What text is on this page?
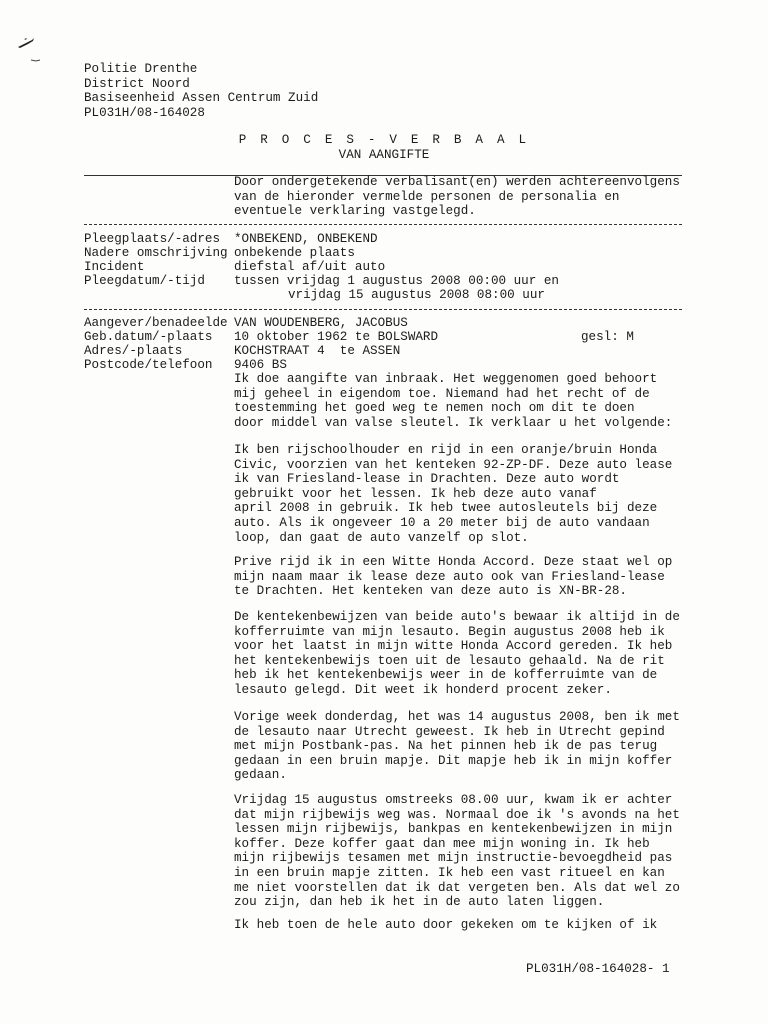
Politie Drenthe
District Noord
Basiseenheid Assen Centrum Zuid
PL031H/08-164028
P R O C E S - V E R B A A L
VAN AANGIFTE
Door ondergetekende verbalisant(en) werden achtereenvolgens
van de hieronder vermelde personen de personalia en
eventuele verklaring vastgelegd.
Pleegplaats/-adres *ONBEKEND, ONBEKEND
Nadere omschrijving onbekende plaats
Incident	diefstal af/uit auto
Pleegdatum/-tijd tussen vrijdag 1 augustus 2008 00:00 uur en
vrijdag 15 augustus 2008 08:00 uur
Aangever/benadeelde VAN WOUDENBERG, JACOBUS
Geb.datum/-plaats 10 oktober 1962 te BOLSWARD	gesl: M
Adres/-plaats	KOCHSTRAAT 4  te ASSEN
Postcode/telefoon 9406 BS
Ik doe aangifte van inbraak. Het weggenomen goed behoort
mij geheel in eigendom toe. Niemand had het recht of de
toestemming het goed weg te nemen noch om dit te doen
door middel van valse sleutel. Ik verklaar u het volgende:
Ik ben rijschoolhouder en rijd in een oranje/bruin Honda
Civic, voorzien van het kenteken 92-ZP-DF. Deze auto lease
ik van Friesland-lease in Drachten. Deze auto wordt
gebruikt voor het lessen. Ik heb deze auto vanaf
april 2008 in gebruik. Ik heb twee autosleutels bij deze
auto. Als ik ongeveer 10 a 20 meter bij de auto vandaan
loop, dan gaat de auto vanzelf op slot.
Prive rijd ik in een Witte Honda Accord. Deze staat wel op
mijn naam maar ik lease deze auto ook van Friesland-lease
te Drachten. Het kenteken van deze auto is XN-BR-28.
De kentekenbewijzen van beide auto's bewaar ik altijd in de
kofferruimte van mijn lesauto. Begin augustus 2008 heb ik
voor het laatst in mijn witte Honda Accord gereden. Ik heb
het kentekenbewijs toen uit de lesauto gehaald. Na de rit
heb ik het kentekenbewijs weer in de kofferruimte van de
lesauto gelegd. Dit weet ik honderd procent zeker.
Vorige week donderdag, het was 14 augustus 2008, ben ik met
de lesauto naar Utrecht geweest. Ik heb in Utrecht gepind
met mijn Postbank-pas. Na het pinnen heb ik de pas terug
gedaan in een bruin mapje. Dit mapje heb ik in mijn koffer
gedaan.
Vrijdag 15 augustus omstreeks 08.00 uur, kwam ik er achter
dat mijn rijbewijs weg was. Normaal doe ik 's avonds na het
lessen mijn rijbewijs, bankpas en kentekenbewijzen in mijn
koffer. Deze koffer gaat dan mee mijn woning in. Ik heb
mijn rijbewijs tesamen met mijn instructie-bevoegdheid pas
in een bruin mapje zitten. Ik heb een vast ritueel en kan
me niet voorstellen dat ik dat vergeten ben. Als dat wel zo
zou zijn, dan heb ik het in de auto laten liggen.
Ik heb toen de hele auto door gekeken om te kijken of ik
PL031H/08-164028- 1
